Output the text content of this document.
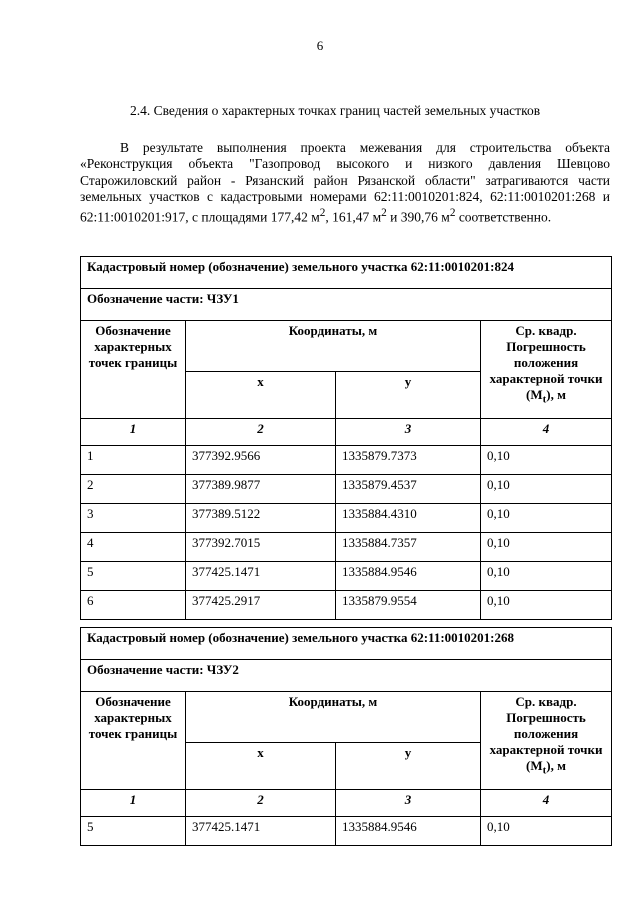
6
2.4. Сведения о характерных точках границ частей земельных участков

В результате выполнения проекта межевания для строительства объекта «Реконструкция объекта "Газопровод высокого и низкого давления Шевцово Старожиловский район - Рязанский район Рязанской области" затрагиваются части земельных участков с кадастровыми номерами 62:11:0010201:824, 62:11:0010201:268 и 62:11:0010201:917, с площадями 177,42 $м^2$, 161,47 $м^2$ и 390,76 $м^2$ соответственно.

Кадастровый номер (обозначение) земельного участка 62:11:0010201:824			
Обозначение части: ЧЗУ1			
Обозначение характерных точек границы	Координаты, м		Ср. квадр. Погрешность положения характерной точки $(M_t)$, м
	x	y	
1	2	3	4
1	377392.9566	1335879.7373	0,10
2	377389.9877	1335879.4537	0,10
3	377389.5122	1335884.4310	0,10
4	377392.7015	1335884.7357	0,10
5	377425.1471	1335884.9546	0,10
6	377425.2917	1335879.9554	0,10
Кадастровый номер (обозначение) земельного участка 62:11:0010201:268			
Обозначение части: ЧЗУ2			
Обозначение характерных точек границы	Координаты, м		Ср. квадр. Погрешность положения характерной точки $(M_t)$, м
	x	y	
1	2	3	4
5	377425.1471	1335884.9546	0,10
